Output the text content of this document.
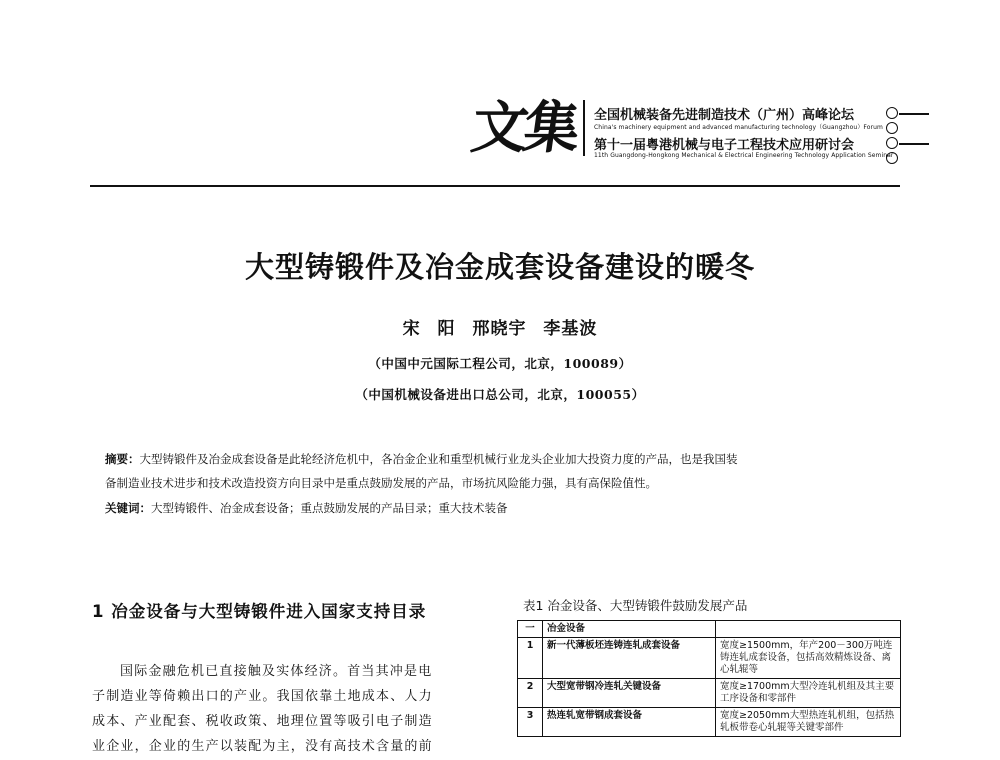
文集 全国机械装备先进制造技术（广州）高峰论坛
China's machinery equipment and advanced manufacturing technology（Guangzhou）Forum
第十一届粤港机械与电子工程技术应用研讨会
11th Guangdong-Hongkong Mechanical & Electrical Engineering Technology Application Seminar
大型铸锻件及冶金成套设备建设的暖冬
宋 阳 邢晓宇 李基波
（中国中元国际工程公司，北京，100089）
（中国机械设备进出口总公司，北京，100055）
摘要：大型铸锻件及冶金成套设备是此轮经济危机中，各冶金企业和重型机械行业龙头企业加大投资力度的产品，也是我国装
备制造业技术进步和技术改造投资方向目录中是重点鼓励发展的产品，市场抗风险能力强，具有高保险值性。
关键词：大型铸锻件、冶金成套设备；重点鼓励发展的产品目录；重大技术装备
1 冶金设备与大型铸锻件进入国家支持目录
国际金融危机已直接触及实体经济。首当其冲是电
子制造业等倚赖出口的产业。我国依靠土地成本、人力
成本、产业配套、税收政策、地理位置等吸引电子制造
业企业，企业的生产以装配为主，没有高技术含量的前
表1 冶金设备、大型铸锻件鼓励发展产品
一	冶金设备	
1	新一代薄板坯连铸连轧成套设备	宽度≥1500mm，年产200－300万吨连铸连轧成套设备，包括高效精炼设备、离心轧辊等
2	大型宽带钢冷连轧关键设备	宽度≥1700mm大型冷连轧机组及其主要工序设备和零部件
3	热连轧宽带钢成套设备	宽度≥2050mm大型热连轧机组，包括热轧板带卷心轧辊等关键零部件
